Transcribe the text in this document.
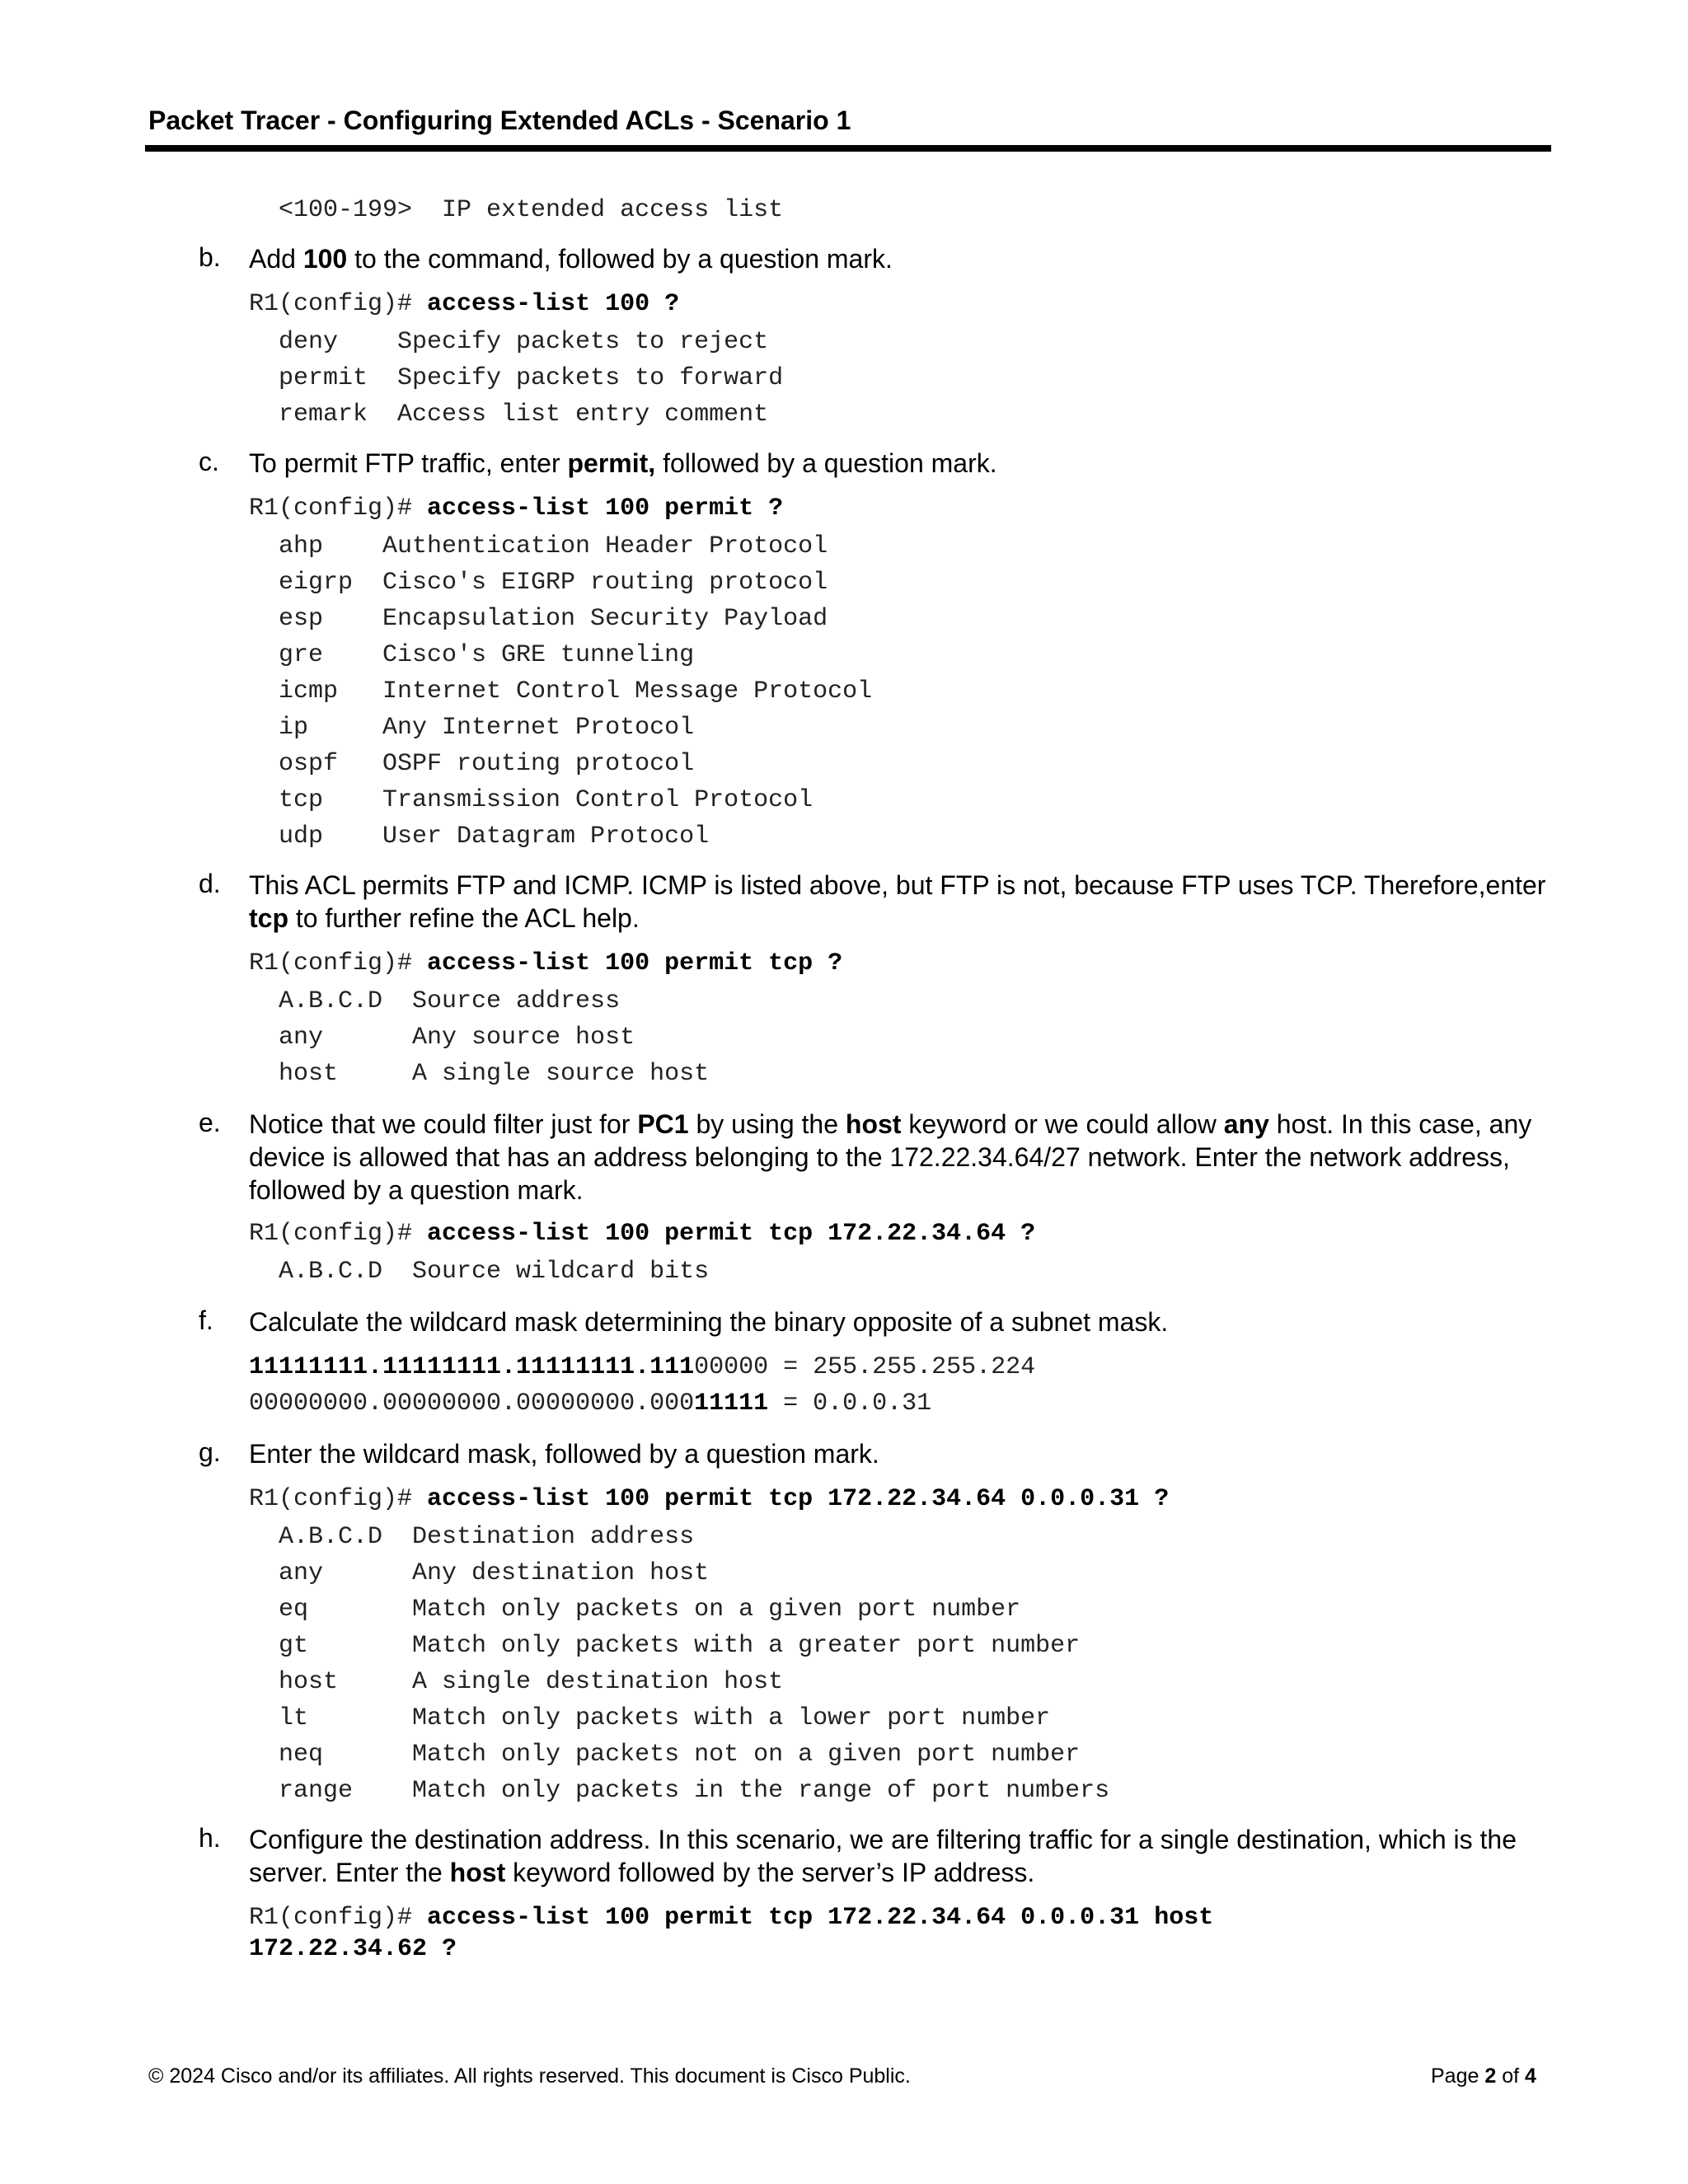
Packet Tracer - Configuring Extended ACLs - Scenario 1
<100-199>  IP extended access list
b. Add 100 to the command, followed by a question mark.
R1(config)# access-list 100 ?
deny    Specify packets to reject
permit  Specify packets to forward
remark  Access list entry comment
c. To permit FTP traffic, enter permit, followed by a question mark.
R1(config)# access-list 100 permit ?
ahp    Authentication Header Protocol
eigrp  Cisco's EIGRP routing protocol
esp    Encapsulation Security Payload
gre    Cisco's GRE tunneling
icmp   Internet Control Message Protocol
ip     Any Internet Protocol
ospf   OSPF routing protocol
tcp    Transmission Control Protocol
udp    User Datagram Protocol
d. This ACL permits FTP and ICMP. ICMP is listed above, but FTP is not, because FTP uses TCP. Therefore,enter tcp to further refine the ACL help.
R1(config)# access-list 100 permit tcp ?
A.B.C.D  Source address
any      Any source host
host     A single source host
e. Notice that we could filter just for PC1 by using the host keyword or we could allow any host. In this case, any device is allowed that has an address belonging to the 172.22.34.64/27 network. Enter the network address, followed by a question mark.
R1(config)# access-list 100 permit tcp 172.22.34.64 ?
A.B.C.D  Source wildcard bits
f. Calculate the wildcard mask determining the binary opposite of a subnet mask.
11111111.11111111.11111111.11100000 = 255.255.255.224
00000000.00000000.00000000.00011111 = 0.0.0.31
g. Enter the wildcard mask, followed by a question mark.
R1(config)# access-list 100 permit tcp 172.22.34.64 0.0.0.31 ?
A.B.C.D  Destination address
any      Any destination host
eq       Match only packets on a given port number
gt       Match only packets with a greater port number
host     A single destination host
lt       Match only packets with a lower port number
neq      Match only packets not on a given port number
range    Match only packets in the range of port numbers
h. Configure the destination address. In this scenario, we are filtering traffic for a single destination, which is the server. Enter the host keyword followed by the server’s IP address.
R1(config)# access-list 100 permit tcp 172.22.34.64 0.0.0.31 host
172.22.34.62 ?
© 2024 Cisco and/or its affiliates. All rights reserved. This document is Cisco Public.	Page 2 of 4
